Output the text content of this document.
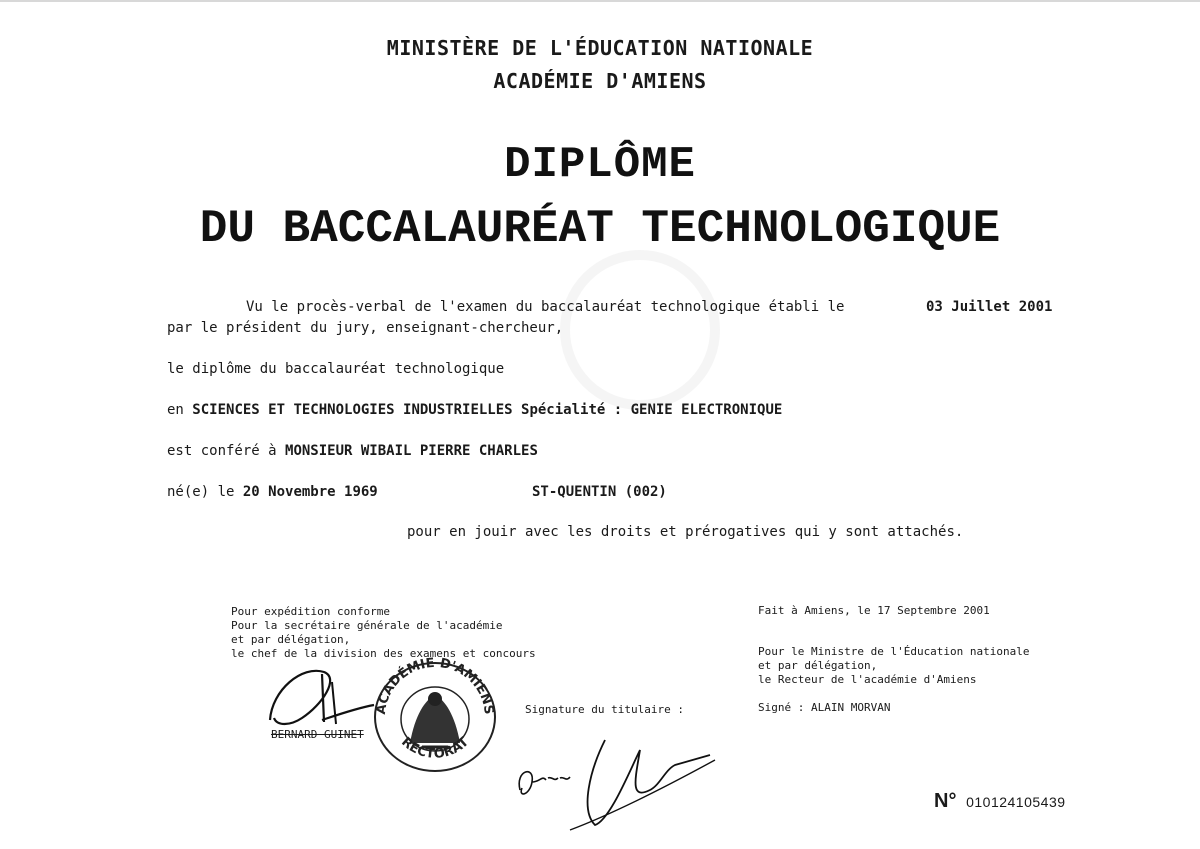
MINISTÈRE DE L'ÉDUCATION NATIONALE
ACADÉMIE D'AMIENS
DIPLÔME
DU BACCALAURÉAT TECHNOLOGIQUE
Vu le procès-verbal de l'examen du baccalauréat technologique établi le	03 Juillet 2001
par le président du jury, enseignant-chercheur,
le diplôme du baccalauréat technologique
en SCIENCES ET TECHNOLOGIES INDUSTRIELLES Spécialité : GENIE ELECTRONIQUE
est conféré à MONSIEUR WIBAIL PIERRE CHARLES
né(e) le 20 Novembre 1969	ST-QUENTIN (002)
pour en jouir avec les droits et prérogatives qui y sont attachés.
Pour expédition conforme
Pour la secrétaire générale de l'académie
et par délégation,
le chef de la division des examens et concours
BERNARD GUINET
ACADÉMIE D'AMIENS
RECTORAT
Signature du titulaire :
Fait à Amiens, le 17 Septembre 2001
Pour le Ministre de l'Éducation nationale
et par délégation,
le Recteur de l'académie d'Amiens
Signé : ALAIN MORVAN
N° 010124105439
